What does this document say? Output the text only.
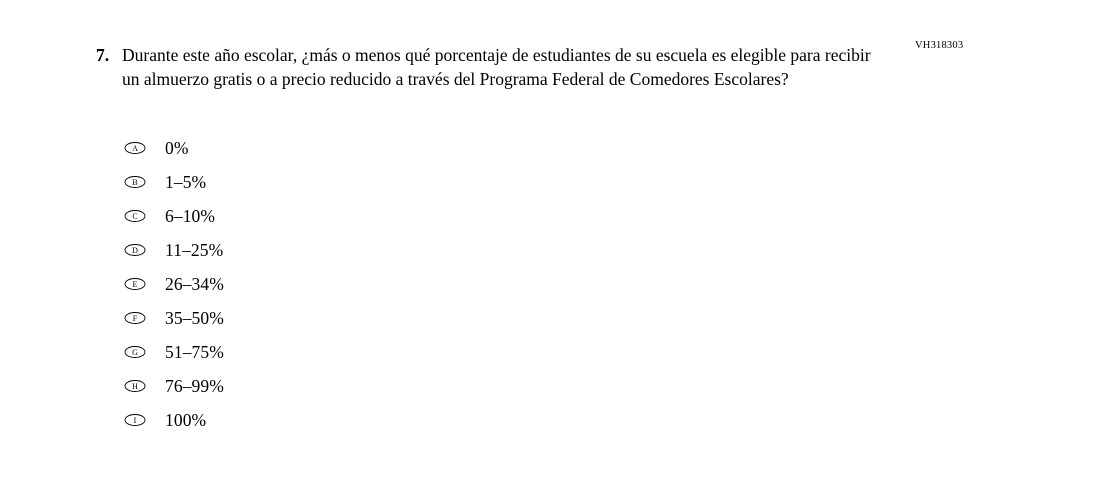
VH318303
7. Durante este año escolar, ¿más o menos qué porcentaje de estudiantes de su escuela es elegible para recibir un almuerzo gratis o a precio reducido a través del Programa Federal de Comedores Escolares?
A 0%
B 1–5%
C 6–10%
D 11–25%
E 26–34%
F 35–50%
G 51–75%
H 76–99%
I 100%
